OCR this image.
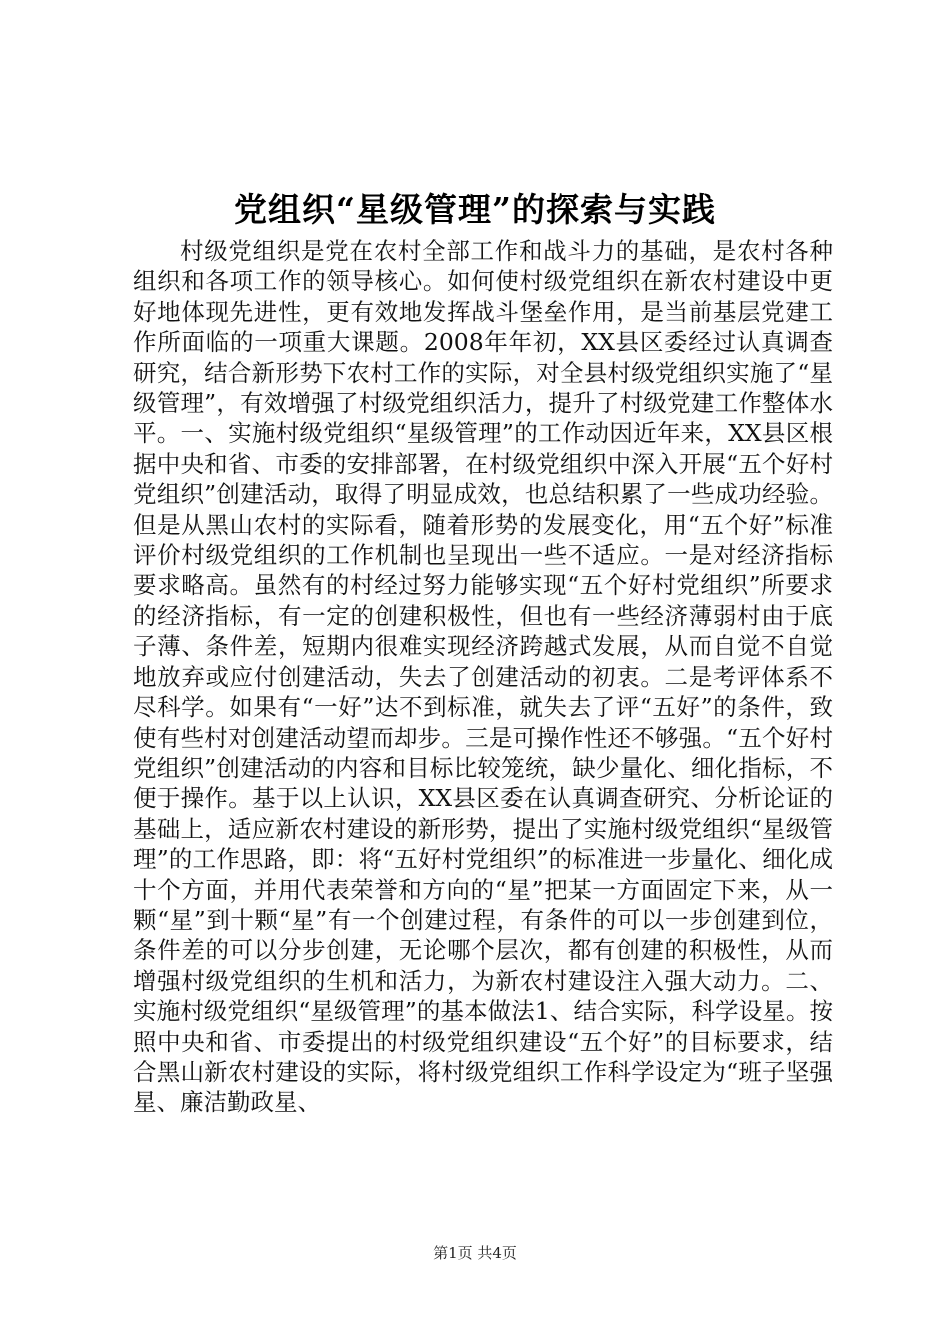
党组织“星级管理”的探索与实践

村级党组织是党在农村全部工作和战斗力的基础，是农村各种组织和各项工作的领导核心。如何使村级党组织在新农村建设中更好地体现先进性，更有效地发挥战斗堡垒作用，是当前基层党建工作所面临的一项重大课题。2008年年初，XX县区委经过认真调查研究，结合新形势下农村工作的实际，对全县村级党组织实施了“星级管理”，有效增强了村级党组织活力，提升了村级党建工作整体水平。一、实施村级党组织“星级管理”的工作动因近年来，XX县区根据中央和省、市委的安排部署，在村级党组织中深入开展“五个好村党组织”创建活动，取得了明显成效，也总结积累了一些成功经验。但是从黑山农村的实际看，随着形势的发展变化，用“五个好”标准评价村级党组织的工作机制也呈现出一些不适应。一是对经济指标要求略高。虽然有的村经过努力能够实现“五个好村党组织”所要求的经济指标，有一定的创建积极性，但也有一些经济薄弱村由于底子薄、条件差，短期内很难实现经济跨越式发展，从而自觉不自觉地放弃或应付创建活动，失去了创建活动的初衷。二是考评体系不尽科学。如果有“一好”达不到标准，就失去了评“五好”的条件，致使有些村对创建活动望而却步。三是可操作性还不够强。“五个好村党组织”创建活动的内容和目标比较笼统，缺少量化、细化指标，不便于操作。基于以上认识，XX县区委在认真调查研究、分析论证的基础上，适应新农村建设的新形势，提出了实施村级党组织“星级管理”的工作思路，即：将“五好村党组织”的标准进一步量化、细化成十个方面，并用代表荣誉和方向的“星”把某一方面固定下来，从一颗“星”到十颗“星”有一个创建过程，有条件的可以一步创建到位，条件差的可以分步创建，无论哪个层次，都有创建的积极性，从而增强村级党组织的生机和活力，为新农村建设注入强大动力。二、实施村级党组织“星级管理”的基本做法1、结合实际，科学设星。按照中央和省、市委提出的村级党组织建设“五个好”的目标要求，结合黑山新农村建设的实际，将村级党组织工作科学设定为“班子坚强星、廉洁勤政星、

第1页 共4页
